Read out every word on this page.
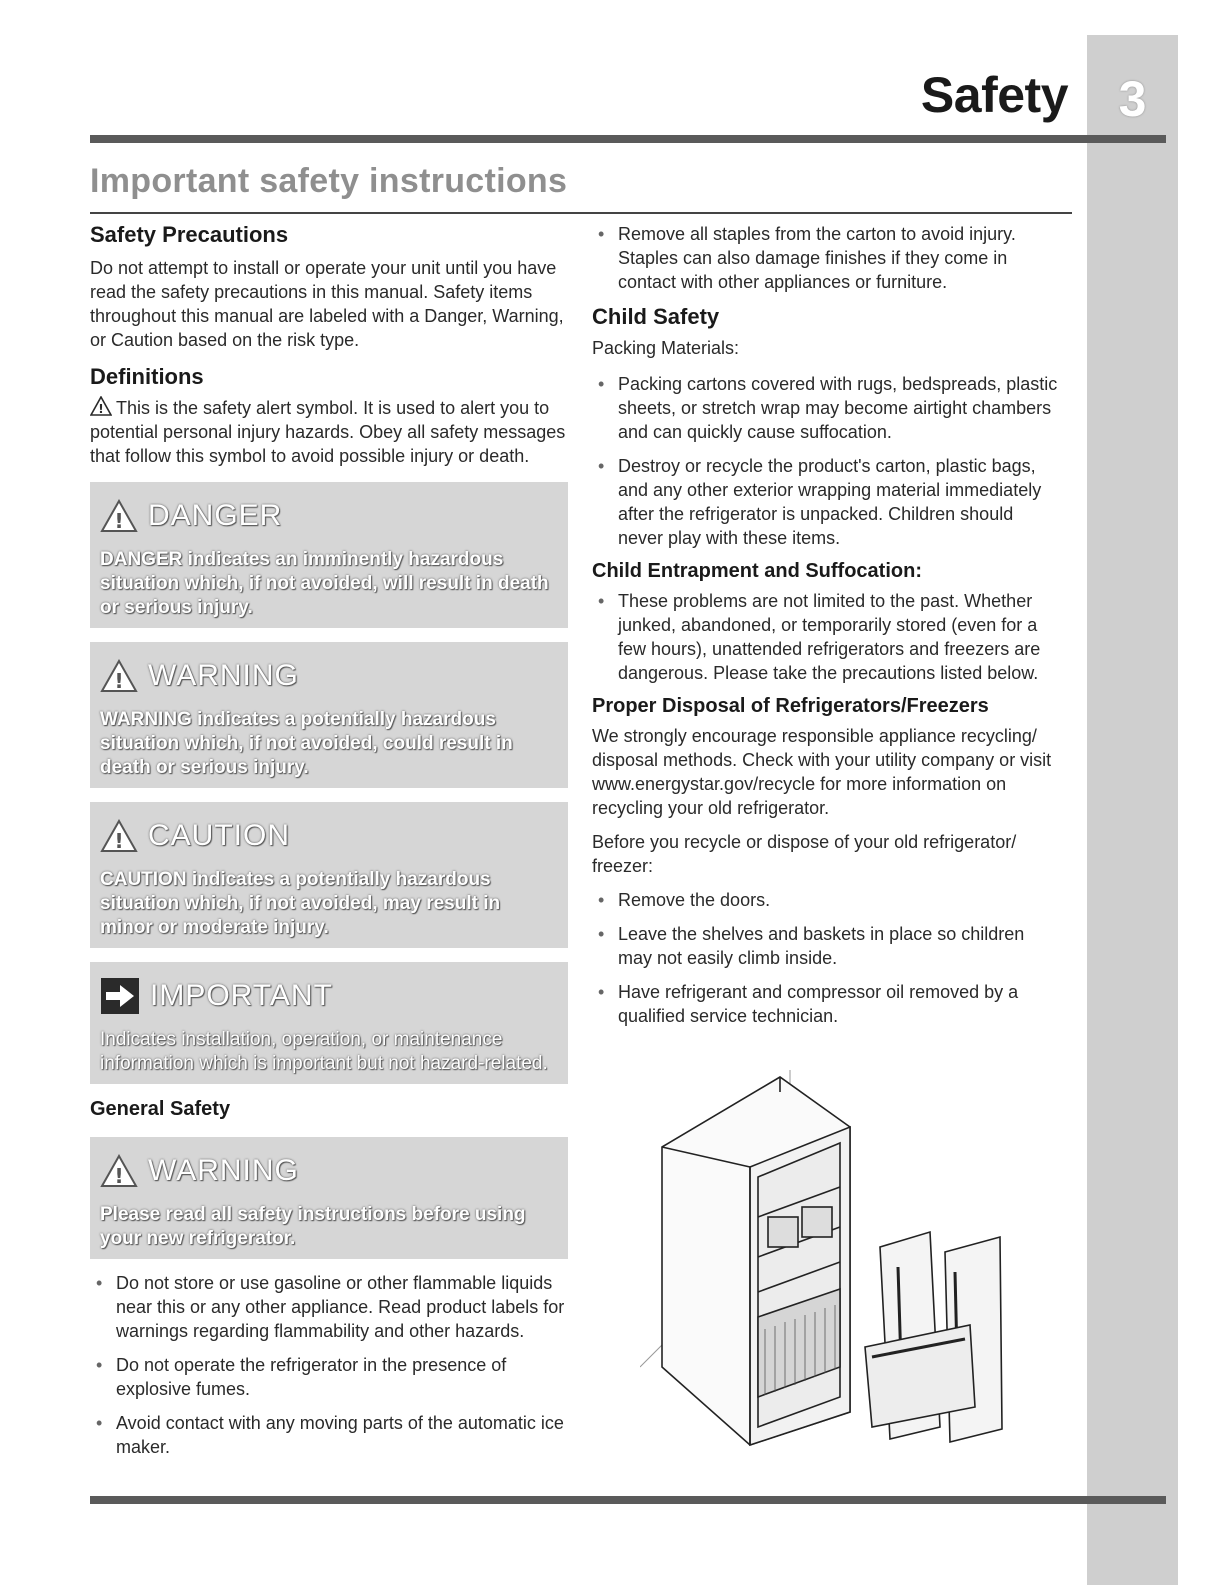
3
Safety
Important safety instructions
Safety Precautions

Do not attempt to install or operate your unit until you have read the safety precautions in this manual. Safety items throughout this manual are labeled with a Danger, Warning, or Caution based on the risk type.

Definitions

! This is the safety alert symbol. It is used to alert you to potential personal injury hazards. Obey all safety messages that follow this symbol to avoid possible injury or death.

! DANGER
DANGER indicates an imminently hazardous situation which, if not avoided, will result in death or serious injury.
! WARNING
WARNING indicates a potentially hazardous situation which, if not avoided, could result in death or serious injury.
! CAUTION
CAUTION indicates a potentially hazardous situation which, if not avoided, may result in minor or moderate injury.
IMPORTANT
Indicates installation, operation, or maintenance information which is important but not hazard-related.
General Safety
! WARNING
Please read all safety instructions before using your new refrigerator.
• Do not store or use gasoline or other flammable liquids near this or any other appliance. Read product labels for warnings regarding flammability and other hazards.
• Do not operate the refrigerator in the presence of explosive fumes.
• Avoid contact with any moving parts of the automatic ice maker.
• Remove all staples from the carton to avoid injury. Staples can also damage finishes if they come in contact with other appliances or furniture.
Child Safety

Packing Materials:

• Packing cartons covered with rugs, bedspreads, plastic sheets, or stretch wrap may become airtight chambers and can quickly cause suffocation.
• Destroy or recycle the product's carton, plastic bags, and any other exterior wrapping material immediately after the refrigerator is unpacked. Children should never play with these items.
Child Entrapment and Suffocation:
• These problems are not limited to the past. Whether junked, abandoned, or temporarily stored (even for a few hours), unattended refrigerators and freezers are dangerous. Please take the precautions listed below.
Proper Disposal of Refrigerators/Freezers

We strongly encourage responsible appliance recycling/ disposal methods. Check with your utility company or visit www.energystar.gov/recycle for more information on recycling your old refrigerator.

Before you recycle or dispose of your old refrigerator/ freezer:

• Remove the doors.
• Leave the shelves and baskets in place so children may not easily climb inside.
• Have refrigerant and compressor oil removed by a qualified service technician.
